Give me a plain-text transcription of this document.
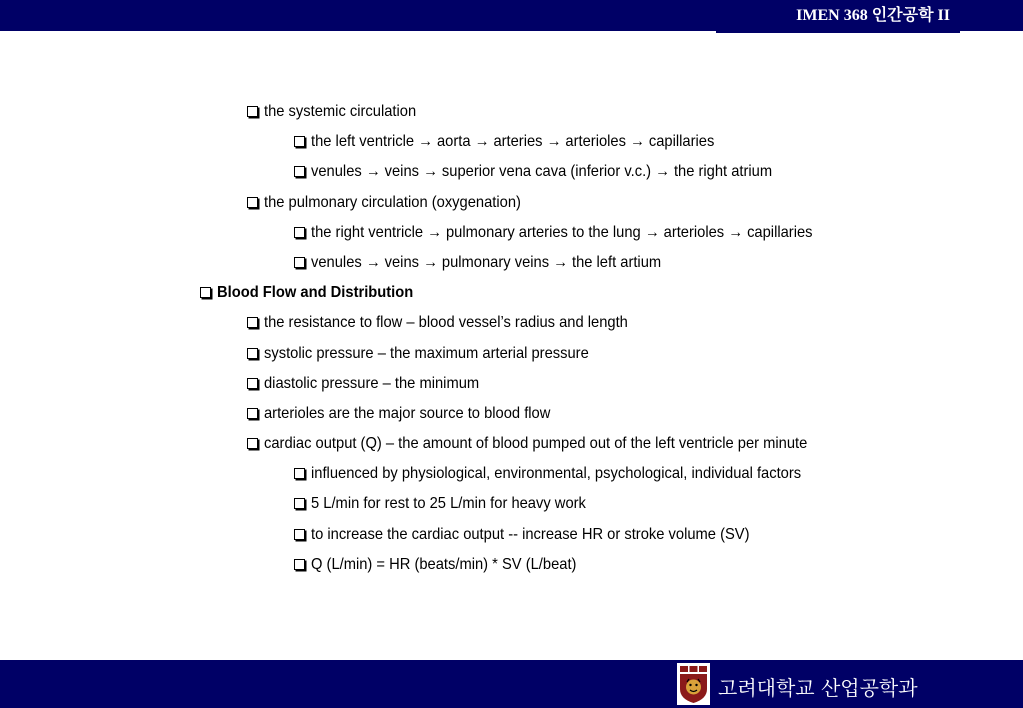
IMEN 368 인간공학 II
the systemic circulation
the left ventricle → aorta → arteries → arterioles → capillaries
venules → veins → superior vena cava (inferior v.c.) → the right atrium
the pulmonary circulation (oxygenation)
the right ventricle → pulmonary arteries to the lung → arterioles → capillaries
venules → veins → pulmonary veins → the left artium
Blood Flow and Distribution
the resistance to flow – blood vessel’s radius and length
systolic pressure – the maximum arterial pressure
diastolic pressure – the minimum
arterioles are the major source to blood flow
cardiac output (Q) – the amount of blood pumped out of the left ventricle per minute
influenced by physiological, environmental, psychological, individual factors
5 L/min for rest to 25 L/min for heavy work
to increase the cardiac output -- increase HR or stroke volume (SV)
Q (L/min) = HR (beats/min) * SV (L/beat)
고려대학교 산업공학과
